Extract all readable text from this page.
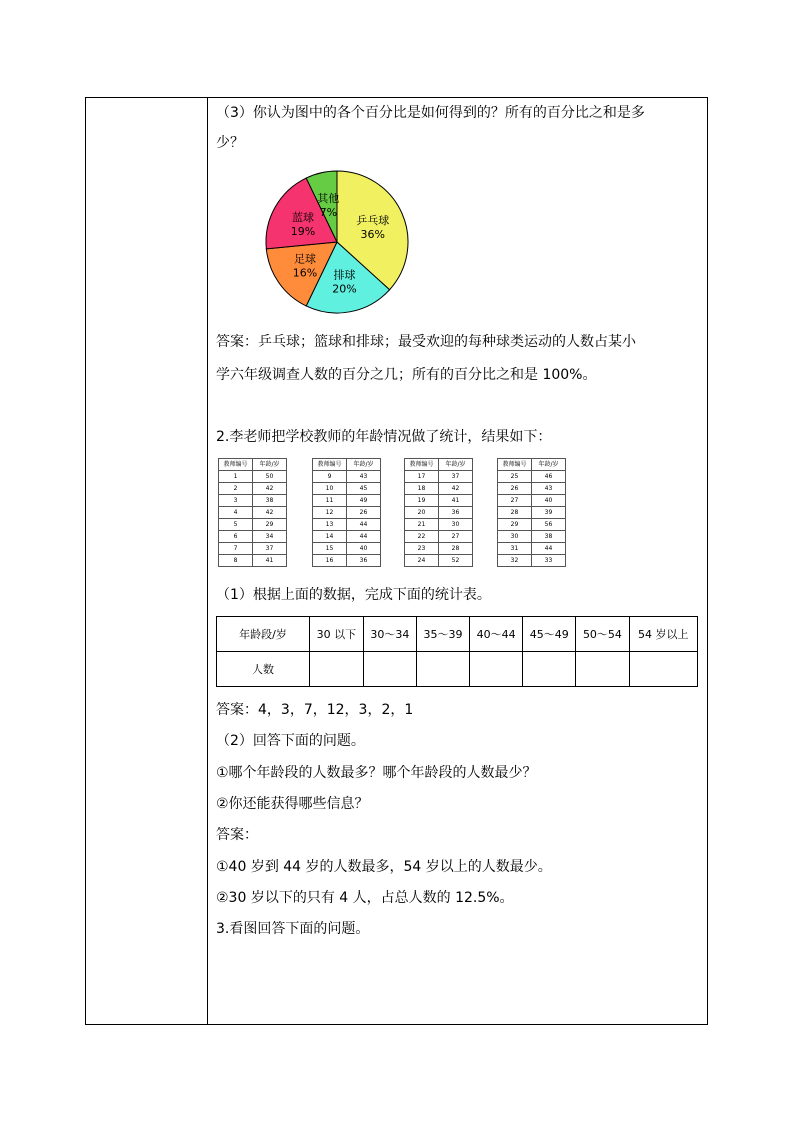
（3）你认为图中的各个百分比是如何得到的？所有的百分比之和是多
少？
乒乓球
36%
排球
20%
足球
16%
蓝球
19%
其他
7%
答案：乒乓球；篮球和排球；最受欢迎的每种球类运动的人数占某小
学六年级调查人数的百分之几；所有的百分比之和是 100%。
2.李老师把学校教师的年龄情况做了统计，结果如下：
教师编号	年龄/岁
1	50
2	42
3	38
4	42
5	29
6	34
7	37
8	41
教师编号	年龄/岁
9	43
10	45
11	49
12	26
13	44
14	44
15	40
16	36
教师编号	年龄/岁
17	37
18	42
19	41
20	36
21	30
22	27
23	28
24	52
教师编号	年龄/岁
25	46
26	43
27	40
28	39
29	56
30	38
31	44
32	33
（1）根据上面的数据，完成下面的统计表。
年龄段/岁	30 以下	30～34	35～39	40～44	45～49	50～54	54 岁以上
人数							
答案：4，3，7，12，3，2，1
（2）回答下面的问题。
①哪个年龄段的人数最多？哪个年龄段的人数最少？
②你还能获得哪些信息？
答案：
①40 岁到 44 岁的人数最多，54 岁以上的人数最少。
②30 岁以下的只有 4 人，占总人数的 12.5%。
3.看图回答下面的问题。
